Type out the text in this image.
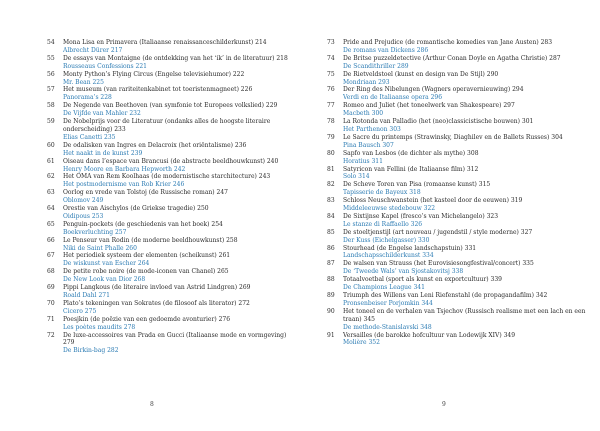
54	Mona Lisa en Primavera (Italiaanse renaissanceschilderkunst) 214
Albrecht Dürer 217
55	De essays van Montaigne (de ontdekking van het ‘ik’ in de literatuur) 218
Rousseaus Confessions 221
56	Monty Python’s Flying Circus (Engelse televisiehumor) 222
Mr. Bean 225
57	Het museum (van rariteitenkabinet tot toeristenmagneet) 226
Panorama’s 228
58	De Negende van Beethoven (van symfonie tot Europees volkslied) 229
De Vijfde van Mahler 232
59	De Nobelprijs voor de Literatuur (ondanks alles de hoogste literaire onderscheiding) 233
Elias Canetti 235
60	De odalisken van Ingres en Delacroix (het oriëntalisme) 236
Het naakt in de kunst 239
61	Oiseau dans l’espace van Brancusi (de abstracte beeldhouwkunst) 240
Henry Moore en Barbara Hepworth 242
62	Het OMA van Rem Koolhaas (de modernistische starchitecture) 243
Het postmodernisme van Rob Krier 246
63	Oorlog en vrede van Tolstoj (de Russische roman) 247
Oblomov 249
64	Orestie van Aischylos (de Griekse tragedie) 250
Oidipous 253
65	Penguin-pockets (de geschiedenis van het boek) 254
Boekverluchting 257
66	Le Penseur van Rodin (de moderne beeldhouwkunst) 258
Niki de Saint Phalle 260
67	Het periodiek systeem der elementen (scheikunst) 261
De wiskunst van Escher 264
68	De petite robe noire (de mode-iconen van Chanel) 265
De New Look van Dior 268
69	Pippi Langkous (de literaire invloed van Astrid Lindgren) 269
Roald Dahl 271
70	Plato’s tekeningen van Sokrates (de filosoof als literator) 272
Cicero 275
71	Poesjkin (de poëzie van een gedoemde avonturier) 276
Les poètes maudits 278
72	De luxe-accessoires van Prada en Gucci (Italiaanse mode en vormgeving) 279
De Birkin-bag 282
8
73	Pride and Prejudice (de romantische komedies van Jane Austen) 283
De romans van Dickens 286
74	De Britse puzzeldetective (Arthur Conan Doyle en Agatha Christie) 287
De Scandithriller 289
75	De Rietveldstoel (kunst en design van De Stijl) 290
Mondriaan 293
76	Der Ring des Nibelungen (Wagners operavernieuwing) 294
Verdi en de Italiaanse opera 296
77	Romeo and Juliet (het toneelwerk van Shakespeare) 297
Macbeth 300
78	La Rotonda van Palladio (het (neo)classicistische bouwen) 301
Het Parthenon 303
79	Le Sacre du printemps (Strawinsky, Diaghilev en de Ballets Russes) 304
Pina Bausch 307
80	Sapfo van Lesbos (de dichter als mythe) 308
Horatius 311
81	Satyricon van Fellini (de Italiaanse film) 312
Solo 314
82	De Scheve Toren van Pisa (romaanse kunst) 315
Tapisserie de Bayeux 318
83	Schloss Neuschwanstein (het kasteel door de eeuwen) 319
Middeleeuwse stedebouw 322
84	De Sixtijnse Kapel (fresco’s van Michelangelo) 323
Le stanze di Raffaello 326
85	De stoeltjenstijl (art nouveau / jugendstil / style moderne) 327
Der Kuss (Eichelgasser) 330
86	Stourhead (de Engelse landschapstuin) 331
Landschapsschilderkunst 334
87	De walsen van Strauss (het Eurovisiesongfestival/concert) 335
De ‘Tweede Wals’ van Sjostakovitsj 338
88	Totaalvoetbal (sport als kunst en exportcultuur) 339
De Champions League 341
89	Triumph des Willens van Leni Riefenstahl (de propagandafilm) 342
Pronsenbeiser Porjomkin 344
90	Het toneel en de verhalen van Tsjechov (Russisch realisme met een lach en een traan) 345
De methode-Stanislavski 348
91	Versailles (de barokke hofcultuur van Lodewijk XIV) 349
Molière 352
9
